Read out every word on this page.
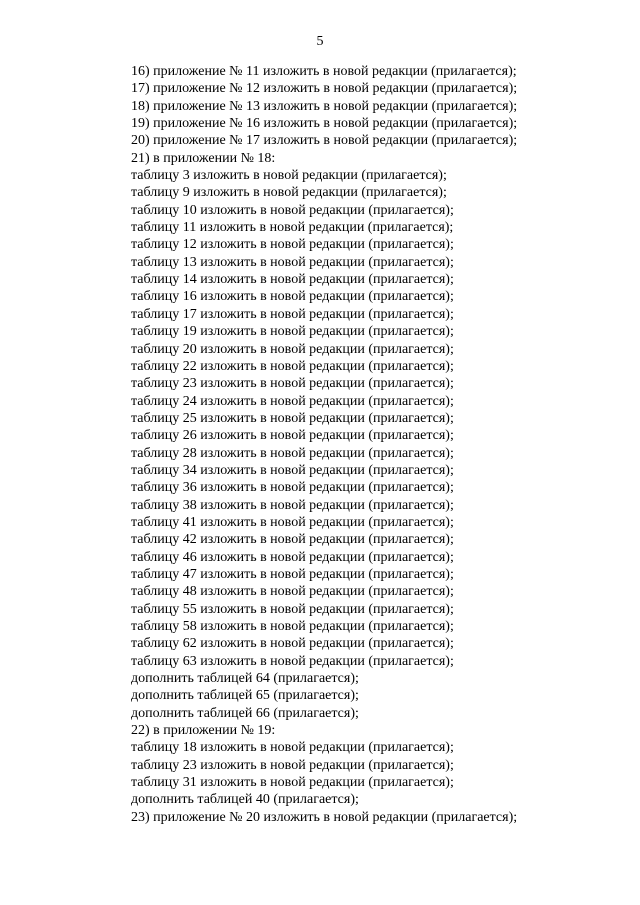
5
16) приложение № 11 изложить в новой редакции (прилагается);
17) приложение № 12 изложить в новой редакции (прилагается);
18) приложение № 13 изложить в новой редакции (прилагается);
19) приложение № 16 изложить в новой редакции (прилагается);
20) приложение № 17 изложить в новой редакции (прилагается);
21) в приложении № 18:
таблицу 3 изложить в новой редакции (прилагается);
таблицу 9 изложить в новой редакции (прилагается);
таблицу 10 изложить в новой редакции (прилагается);
таблицу 11 изложить в новой редакции (прилагается);
таблицу 12 изложить в новой редакции (прилагается);
таблицу 13 изложить в новой редакции (прилагается);
таблицу 14 изложить в новой редакции (прилагается);
таблицу 16 изложить в новой редакции (прилагается);
таблицу 17 изложить в новой редакции (прилагается);
таблицу 19 изложить в новой редакции (прилагается);
таблицу 20 изложить в новой редакции (прилагается);
таблицу 22 изложить в новой редакции (прилагается);
таблицу 23 изложить в новой редакции (прилагается);
таблицу 24 изложить в новой редакции (прилагается);
таблицу 25 изложить в новой редакции (прилагается);
таблицу 26 изложить в новой редакции (прилагается);
таблицу 28 изложить в новой редакции (прилагается);
таблицу 34 изложить в новой редакции (прилагается);
таблицу 36 изложить в новой редакции (прилагается);
таблицу 38 изложить в новой редакции (прилагается);
таблицу 41 изложить в новой редакции (прилагается);
таблицу 42 изложить в новой редакции (прилагается);
таблицу 46 изложить в новой редакции (прилагается);
таблицу 47 изложить в новой редакции (прилагается);
таблицу 48 изложить в новой редакции (прилагается);
таблицу 55 изложить в новой редакции (прилагается);
таблицу 58 изложить в новой редакции (прилагается);
таблицу 62 изложить в новой редакции (прилагается);
таблицу 63 изложить в новой редакции (прилагается);
дополнить таблицей 64 (прилагается);
дополнить таблицей 65 (прилагается);
дополнить таблицей 66 (прилагается);
22) в приложении № 19:
таблицу 18 изложить в новой редакции (прилагается);
таблицу 23 изложить в новой редакции (прилагается);
таблицу 31 изложить в новой редакции (прилагается);
дополнить таблицей 40 (прилагается);
23) приложение № 20 изложить в новой редакции (прилагается);
